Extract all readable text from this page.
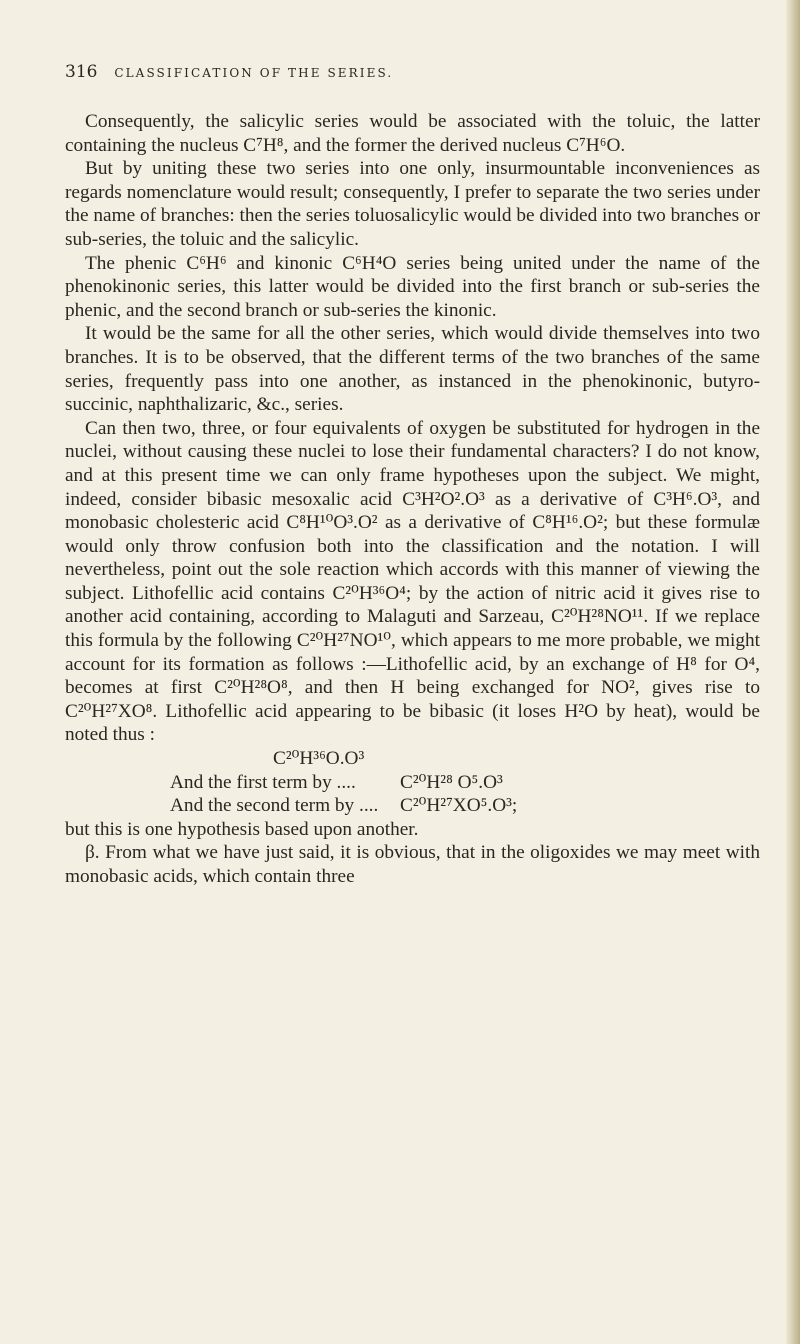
316 CLASSIFICATION OF THE SERIES.

Consequently, the salicylic series would be associated with the toluic, the latter containing the nucleus C⁷H⁸, and the former the derived nucleus C⁷H⁶O.

But by uniting these two series into one only, insurmountable inconveniences as regards nomenclature would result; consequently, I prefer to separate the two series under the name of branches: then the series toluosalicylic would be divided into two branches or sub-series, the toluic and the salicylic.

The phenic C⁶H⁶ and kinonic C⁶H⁴O series being united under the name of the phenokinonic series, this latter would be divided into the first branch or sub-series the phenic, and the second branch or sub-series the kinonic.

It would be the same for all the other series, which would divide themselves into two branches. It is to be observed, that the different terms of the two branches of the same series, frequently pass into one another, as instanced in the phenokinonic, butyro-succinic, naphthalizaric, &c., series.

Can then two, three, or four equivalents of oxygen be substituted for hydrogen in the nuclei, without causing these nuclei to lose their fundamental characters? I do not know, and at this present time we can only frame hypotheses upon the subject. We might, indeed, consider bibasic mesoxalic acid C³H²O².O³ as a derivative of C³H⁶.O³, and monobasic cholesteric acid C⁸H¹⁰O³.O² as a derivative of C⁸H¹⁶.O²; but these formulæ would only throw confusion both into the classification and the notation. I will nevertheless, point out the sole reaction which accords with this manner of viewing the subject. Lithofellic acid contains C²⁰H³⁶O⁴; by the action of nitric acid it gives rise to another acid containing, according to Malaguti and Sarzeau, C²⁰H²⁸NO¹¹. If we replace this formula by the following C²⁰H²⁷NO¹⁰, which appears to me more probable, we might account for its formation as follows :—Lithofellic acid, by an exchange of H⁸ for O⁴, becomes at first C²⁰H²⁸O⁸, and then H being exchanged for NO², gives rise to C²⁰H²⁷XO⁸. Lithofellic acid appearing to be bibasic (it loses H²O by heat), would be noted thus :

C²⁰H³⁶O.O³
And the first term by .... C²⁰H²⁸ O⁵.O³
And the second term by .... C²⁰H²⁷XO⁵.O³;

but this is one hypothesis based upon another.

β. From what we have just said, it is obvious, that in the oligoxides we may meet with monobasic acids, which contain three
